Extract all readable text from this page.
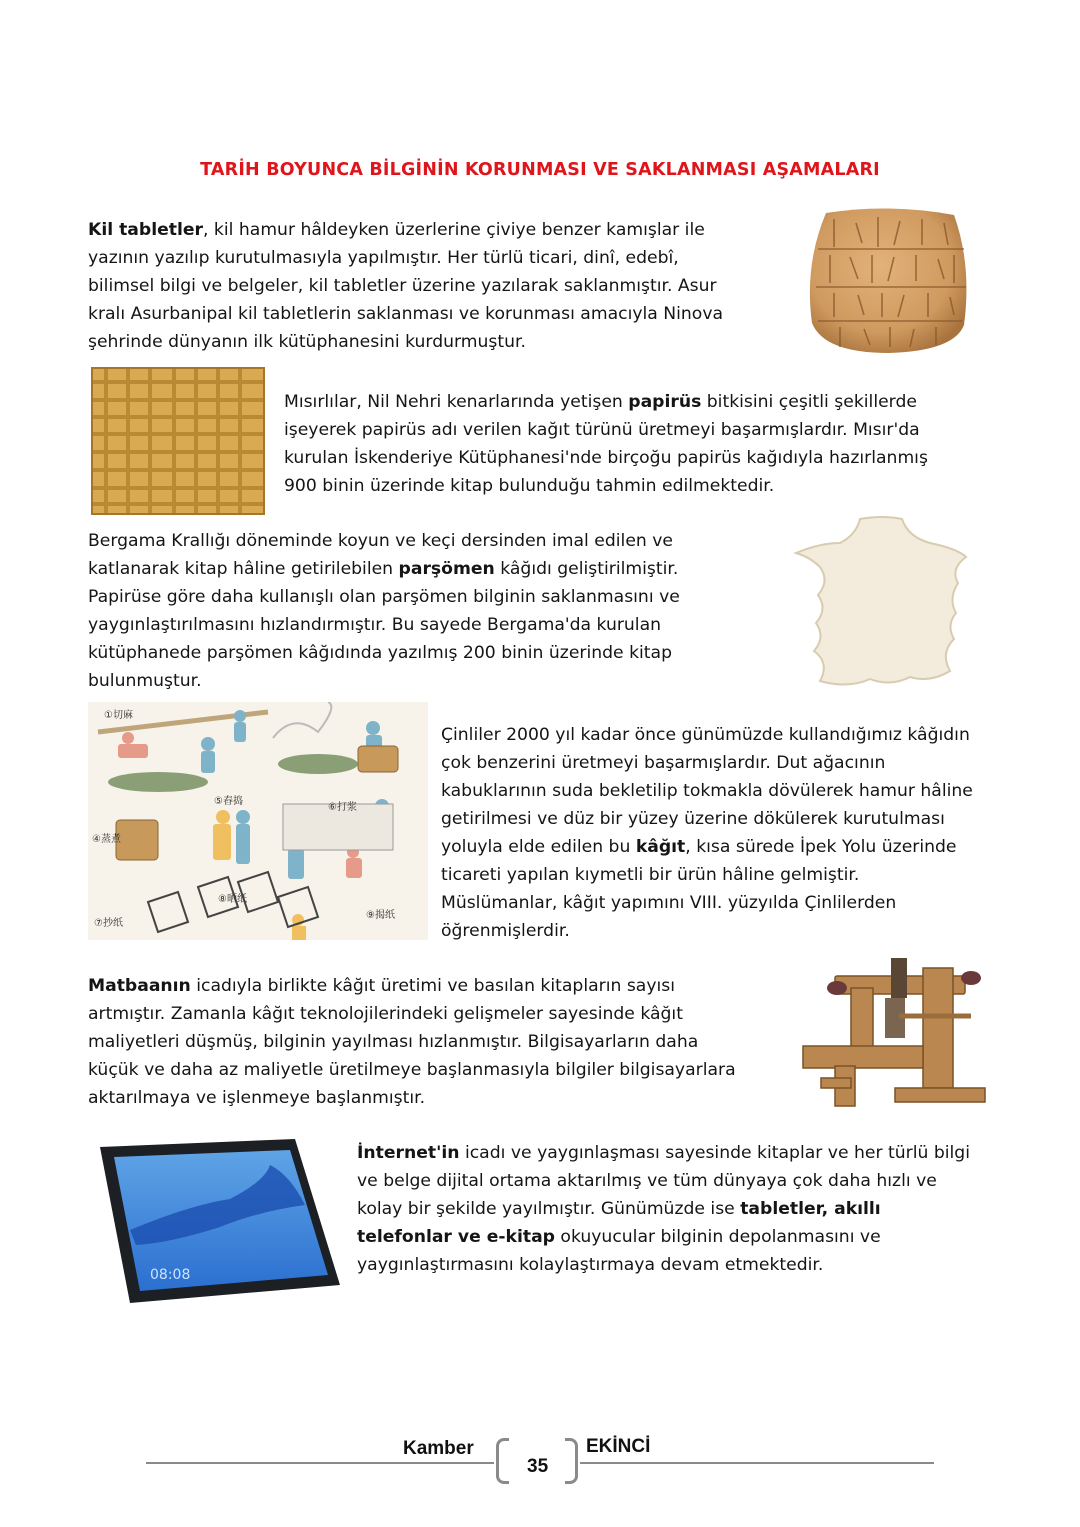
TARİH BOYUNCA BİLGİNİN KORUNMASI VE SAKLANMASI AŞAMALARI
Kil tabletler, kil hamur hâldeyken üzerlerine çiviye benzer kamışlar ile
yazının yazılıp kurutulmasıyla yapılmıştır. Her türlü ticari, dinî, edebî,
bilimsel bilgi ve belgeler, kil tabletler üzerine yazılarak saklanmıştır. Asur
kralı Asurbanipal kil tabletlerin saklanması ve korunması amacıyla Ninova
şehrinde dünyanın ilk kütüphanesini kurdurmuştur.
Mısırlılar, Nil Nehri kenarlarında yetişen papirüs bitkisini çeşitli şekillerde
işeyerek papirüs adı verilen kağıt türünü üretmeyi başarmışlardır. Mısır'da
kurulan İskenderiye Kütüphanesi'nde birçoğu papirüs kağıdıyla hazırlanmış
900 binin üzerinde kitap bulunduğu tahmin edilmektedir.
Bergama Krallığı döneminde koyun ve keçi dersinden imal edilen ve
katlanarak kitap hâline getirilebilen parşömen kâğıdı geliştirilmiştir.
Papirüse göre daha kullanışlı olan parşömen bilginin saklanmasını ve
yaygınlaştırılmasını hızlandırmıştır. Bu sayede Bergama'da kurulan
kütüphanede parşömen kâğıdında yazılmış 200 binin üzerinde kitap
bulunmuştur.
①切麻
④蒸煮
⑤舂捣
⑥打浆
⑦抄纸
⑧晒纸
⑨揭纸
Çinliler 2000 yıl kadar önce günümüzde kullandığımız kâğıdın
çok benzerini üretmeyi başarmışlardır. Dut ağacının
kabuklarının suda bekletilip tokmakla dövülerek hamur hâline
getirilmesi ve düz bir yüzey üzerine dökülerek kurutulması
yoluyla elde edilen bu kâğıt, kısa sürede İpek Yolu üzerinde
ticareti yapılan kıymetli bir ürün hâline gelmiştir.
Müslümanlar, kâğıt yapımını VIII. yüzyılda Çinlilerden
öğrenmişlerdir.
Matbaanın icadıyla birlikte kâğıt üretimi ve basılan kitapların sayısı
artmıştır. Zamanla kâğıt teknolojilerindeki gelişmeler sayesinde kâğıt
maliyetleri düşmüş, bilginin yayılması hızlanmıştır. Bilgisayarların daha
küçük ve daha az maliyetle üretilmeye başlanmasıyla bilgiler bilgisayarlara
aktarılmaya ve işlenmeye başlanmıştır.
08:08
İnternet'in icadı ve yaygınlaşması sayesinde kitaplar ve her türlü bilgi
ve belge dijital ortama aktarılmış ve tüm dünyaya çok daha hızlı ve
kolay bir şekilde yayılmıştır. Günümüzde ise tabletler, akıllı
telefonlar ve e-kitap okuyucular bilginin depolanmasını ve
yaygınlaştırmasını kolaylaştırmaya devam etmektedir.
Kamber
35
EKİNCİ
